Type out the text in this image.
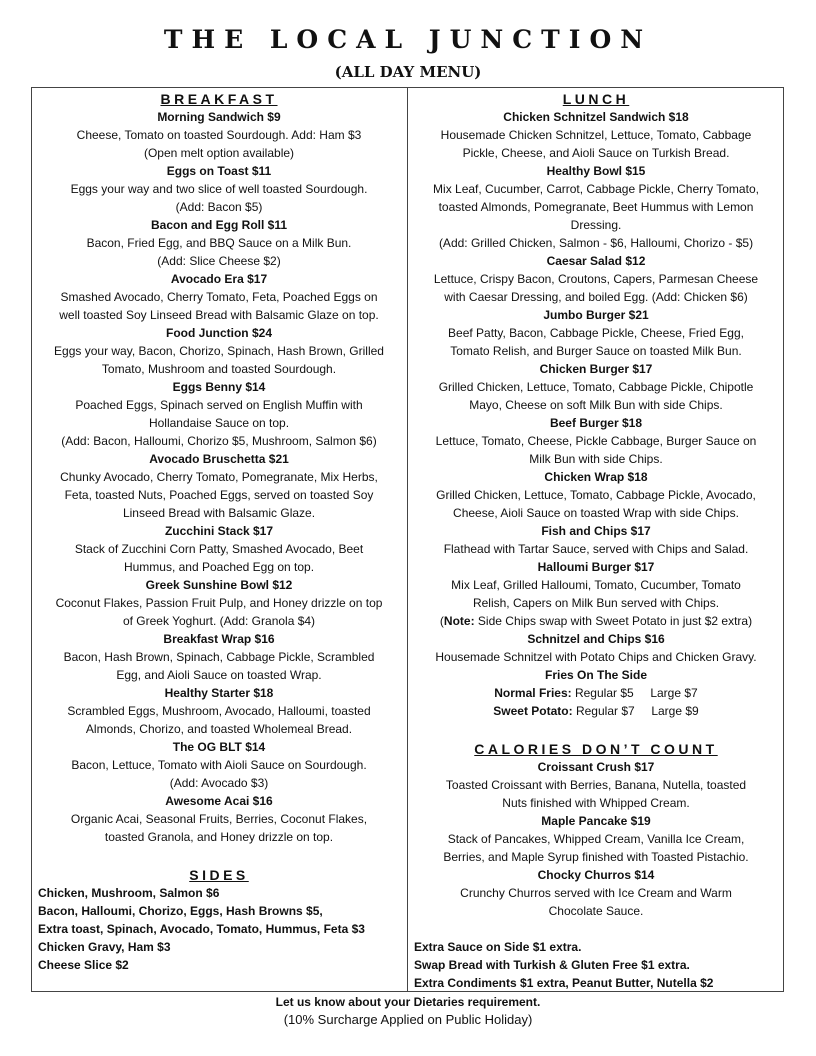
THE LOCAL JUNCTION
(ALL DAY MENU)
BREAKFAST
Morning Sandwich $9
Cheese, Tomato on toasted Sourdough. Add: Ham $3
(Open melt option available)
Eggs on Toast $11
Eggs your way and two slice of well toasted Sourdough.
(Add: Bacon $5)
Bacon and Egg Roll $11
Bacon, Fried Egg, and BBQ Sauce on a Milk Bun.
(Add: Slice Cheese $2)
Avocado Era $17
Smashed Avocado, Cherry Tomato, Feta, Poached Eggs on
well toasted Soy Linseed Bread with Balsamic Glaze on top.
Food Junction $24
Eggs your way, Bacon, Chorizo, Spinach, Hash Brown, Grilled
Tomato, Mushroom and toasted Sourdough.
Eggs Benny $14
Poached Eggs, Spinach served on English Muffin with
Hollandaise Sauce on top.
(Add: Bacon, Halloumi, Chorizo $5, Mushroom, Salmon $6)
Avocado Bruschetta $21
Chunky Avocado, Cherry Tomato, Pomegranate, Mix Herbs,
Feta, toasted Nuts, Poached Eggs, served on toasted Soy
Linseed Bread with Balsamic Glaze.
Zucchini Stack $17
Stack of Zucchini Corn Patty, Smashed Avocado, Beet
Hummus, and Poached Egg on top.
Greek Sunshine Bowl $12
Coconut Flakes, Passion Fruit Pulp, and Honey drizzle on top
of Greek Yoghurt. (Add: Granola $4)
Breakfast Wrap $16
Bacon, Hash Brown, Spinach, Cabbage Pickle, Scrambled
Egg, and Aioli Sauce on toasted Wrap.
Healthy Starter $18
Scrambled Eggs, Mushroom, Avocado, Halloumi, toasted
Almonds, Chorizo, and toasted Wholemeal Bread.
The OG BLT $14
Bacon, Lettuce, Tomato with Aioli Sauce on Sourdough.
(Add: Avocado $3)
Awesome Acai $16
Organic Acai, Seasonal Fruits, Berries, Coconut Flakes,
toasted Granola, and Honey drizzle on top.
SIDES
Chicken, Mushroom, Salmon $6
Bacon, Halloumi, Chorizo, Eggs, Hash Browns $5,
Extra toast, Spinach, Avocado, Tomato, Hummus, Feta $3
Chicken Gravy, Ham $3
Cheese Slice $2
LUNCH
Chicken Schnitzel Sandwich $18
Housemade Chicken Schnitzel, Lettuce, Tomato, Cabbage
Pickle, Cheese, and Aioli Sauce on Turkish Bread.
Healthy Bowl $15
Mix Leaf, Cucumber, Carrot, Cabbage Pickle, Cherry Tomato,
toasted Almonds, Pomegranate, Beet Hummus with Lemon
Dressing.
(Add: Grilled Chicken, Salmon - $6, Halloumi, Chorizo - $5)
Caesar Salad $12
Lettuce, Crispy Bacon, Croutons, Capers, Parmesan Cheese
with Caesar Dressing, and boiled Egg. (Add: Chicken $6)
Jumbo Burger $21
Beef Patty, Bacon, Cabbage Pickle, Cheese, Fried Egg,
Tomato Relish, and Burger Sauce on toasted Milk Bun.
Chicken Burger $17
Grilled Chicken, Lettuce, Tomato, Cabbage Pickle, Chipotle
Mayo, Cheese on soft Milk Bun with side Chips.
Beef Burger $18
Lettuce, Tomato, Cheese, Pickle Cabbage, Burger Sauce on
Milk Bun with side Chips.
Chicken Wrap $18
Grilled Chicken, Lettuce, Tomato, Cabbage Pickle, Avocado,
Cheese, Aioli Sauce on toasted Wrap with side Chips.
Fish and Chips $17
Flathead with Tartar Sauce, served with Chips and Salad.
Halloumi Burger $17
Mix Leaf, Grilled Halloumi, Tomato, Cucumber, Tomato
Relish, Capers on Milk Bun served with Chips.
(Note: Side Chips swap with Sweet Potato in just $2 extra)
Schnitzel and Chips $16
Housemade Schnitzel with Potato Chips and Chicken Gravy.
Fries On The Side
Normal Fries: Regular $5     Large $7
Sweet Potato: Regular $7     Large $9
CALORIES DON’T COUNT
Croissant Crush $17
Toasted Croissant with Berries, Banana, Nutella, toasted
Nuts finished with Whipped Cream.
Maple Pancake $19
Stack of Pancakes, Whipped Cream, Vanilla Ice Cream,
Berries, and Maple Syrup finished with Toasted Pistachio.
Chocky Churros $14
Crunchy Churros served with Ice Cream and Warm
Chocolate Sauce.
Extra Sauce on Side $1 extra.
Swap Bread with Turkish & Gluten Free $1 extra.
Extra Condiments $1 extra, Peanut Butter, Nutella $2
Let us know about your Dietaries requirement.
(10% Surcharge Applied on Public Holiday)
